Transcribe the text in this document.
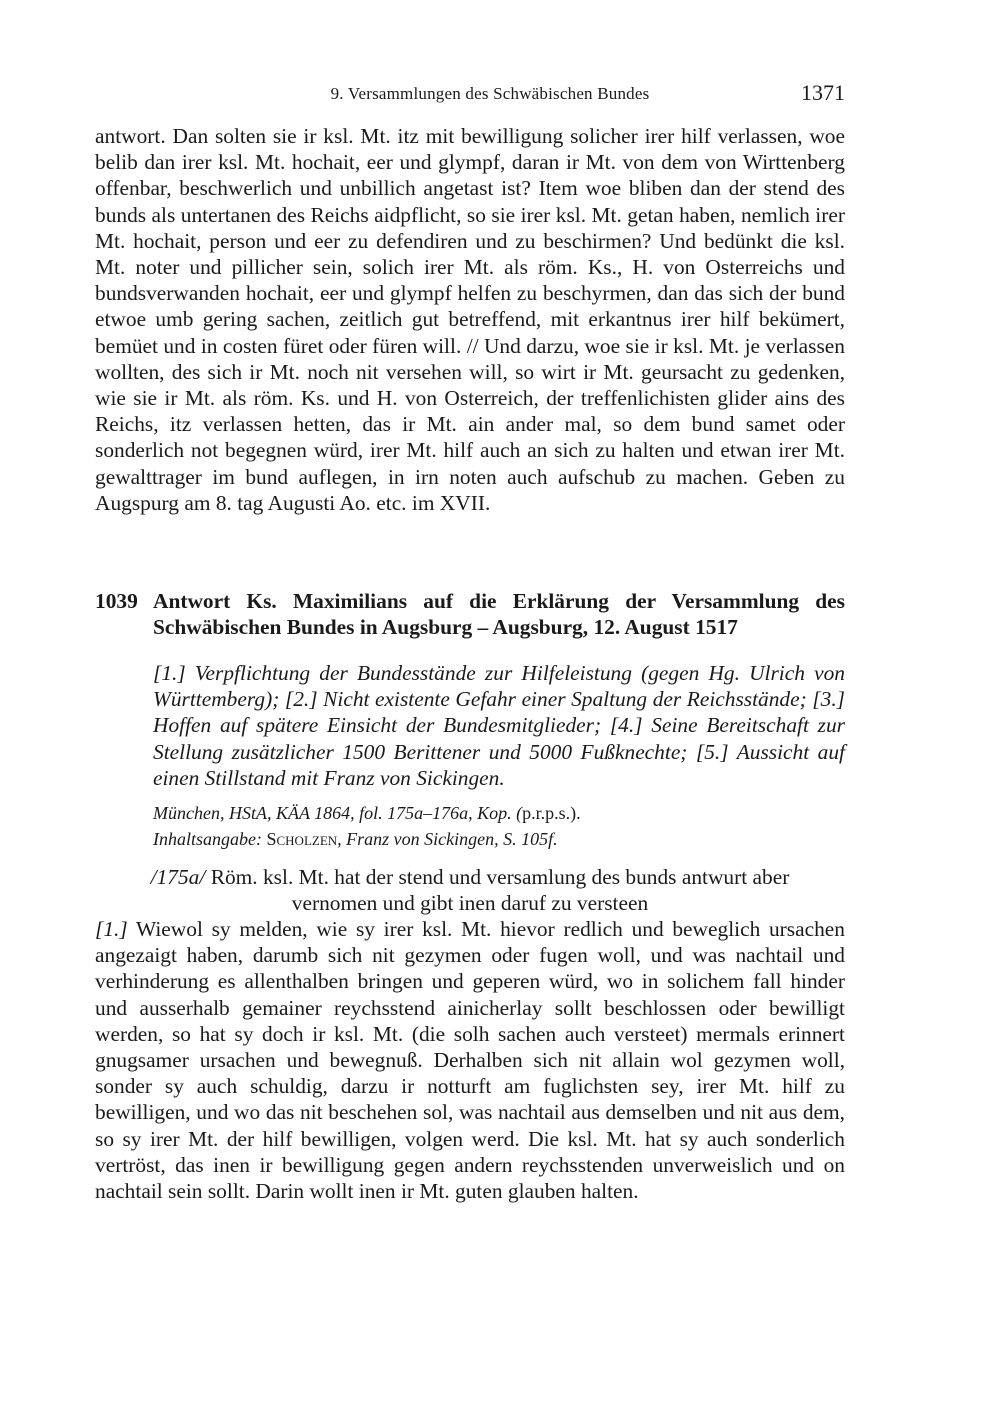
9. Versammlungen des Schwäbischen Bundes	1371

antwort. Dan solten sie ir ksl. Mt. itz mit bewilligung solicher irer hilf verlassen, woe belib dan irer ksl. Mt. hochait, eer und glympf, daran ir Mt. von dem von Wirttenberg offenbar, beschwerlich und unbillich angetast ist? Item woe bliben dan der stend des bunds als untertanen des Reichs aidpflicht, so sie irer ksl. Mt. getan haben, nemlich irer Mt. hochait, person und eer zu defendiren und zu beschirmen? Und bedünkt die ksl. Mt. noter und pillicher sein, solich irer Mt. als röm. Ks., H. von Osterreichs und bundsverwanden hochait, eer und glympf helfen zu beschyrmen, dan das sich der bund etwoe umb gering sachen, zeitlich gut betreffend, mit erkantnus irer hilf bekümert, bemüet und in costen füret oder füren will. // Und darzu, woe sie ir ksl. Mt. je verlassen wollten, des sich ir Mt. noch nit versehen will, so wirt ir Mt. geursacht zu gedenken, wie sie ir Mt. als röm. Ks. und H. von Osterreich, der treffenlichisten glider ains des Reichs, itz verlassen hetten, das ir Mt. ain ander mal, so dem bund samet oder sonderlich not begegnen würd, irer Mt. hilf auch an sich zu halten und etwan irer Mt. gewalttrager im bund auflegen, in irn noten auch aufschub zu machen. Geben zu Augspurg am 8. tag Augusti Ao. etc. im XVII.

1039 Antwort Ks. Maximilians auf die Erklärung der Versammlung des Schwäbischen Bundes in Augsburg – Augsburg, 12. August 1517
[1.] Verpflichtung der Bundesstände zur Hilfeleistung (gegen Hg. Ulrich von Württemberg); [2.] Nicht existente Gefahr einer Spaltung der Reichsstände; [3.] Hoffen auf spätere Einsicht der Bundesmitglieder; [4.] Seine Bereitschaft zur Stellung zusätzlicher 1500 Berittener und 5000 Fußknechte; [5.] Aussicht auf einen Stillstand mit Franz von Sickingen.
München, HStA, KÄA 1864, fol. 175a–176a, Kop. (p.r.p.s.).
Inhaltsangabe: Scholzen, Franz von Sickingen, S. 105f.
/175a/ Röm. ksl. Mt. hat der stend und versamlung des bunds antwurt aber
vernomen und gibt inen daruf zu versteen

[1.] Wiewol sy melden, wie sy irer ksl. Mt. hievor redlich und beweglich ursachen angezaigt haben, darumb sich nit gezymen oder fugen woll, und was nachtail und verhinderung es allenthalben bringen und geperen würd, wo in solichem fall hinder und ausserhalb gemainer reychsstend ainicherlay sollt beschlossen oder bewilligt werden, so hat sy doch ir ksl. Mt. (die solh sachen auch versteet) mermals erinnert gnugsamer ursachen und bewegnuß. Derhalben sich nit allain wol gezymen woll, sonder sy auch schuldig, darzu ir notturft am fuglichsten sey, irer Mt. hilf zu bewilligen, und wo das nit beschehen sol, was nachtail aus demselben und nit aus dem, so sy irer Mt. der hilf bewilligen, volgen werd. Die ksl. Mt. hat sy auch sonderlich vertröst, das inen ir bewilligung gegen andern reychsstenden unverweislich und on nachtail sein sollt. Darin wollt inen ir Mt. guten glauben halten.
